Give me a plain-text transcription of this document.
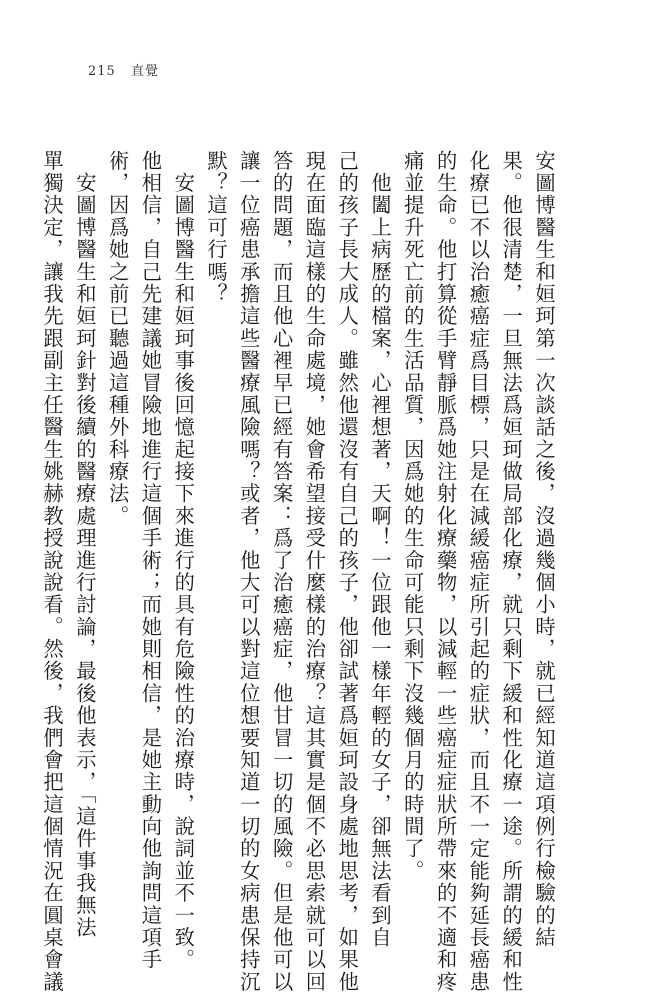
215 直覺

安圖博醫生和姮珂第一次談話之後，沒過幾個小時，就已經知道這項例行檢驗的結

果。他很清楚，一旦無法爲姮珂做局部化療，就只剩下緩和性化療一途。所謂的緩和性

化療已不以治癒癌症爲目標，只是在減緩癌症所引起的症狀，而且不一定能夠延長癌患

的生命。他打算從手臂靜脈爲她注射化療藥物，以減輕一些癌症症狀所帶來的不適和疼

痛並提升死亡前的生活品質，因爲她的生命可能只剩下沒幾個月的時間了。

　他闔上病歷的檔案，心裡想著，天啊！一位跟他一樣年輕的女子，卻無法看到自

己的孩子長大成人。雖然他還沒有自己的孩子，他卻試著爲姮珂設身處地思考，如果他

現在面臨這樣的生命處境，她會希望接受什麼樣的治療？這其實是個不必思索就可以回

答的問題，而且他心裡早已經有答案：爲了治癒癌症，他甘冒一切的風險。但是他可以

讓一位癌患承擔這些醫療風險嗎？或者，他大可以對這位想要知道一切的女病患保持沉

默？這可行嗎？

　安圖博醫生和姮珂事後回憶起接下來進行的具有危險性的治療時，說詞並不一致。

他相信，自己先建議她冒險地進行這個手術；而她則相信，是她主動向他詢問這項手

術，因爲她之前已聽過這種外科療法。

　安圖博醫生和姮珂針對後續的醫療處理進行討論，最後他表示，「這件事我無法

單獨決定，讓我先跟副主任醫生姚赫教授說說看。然後，我們會把這個情況在圓桌會議
